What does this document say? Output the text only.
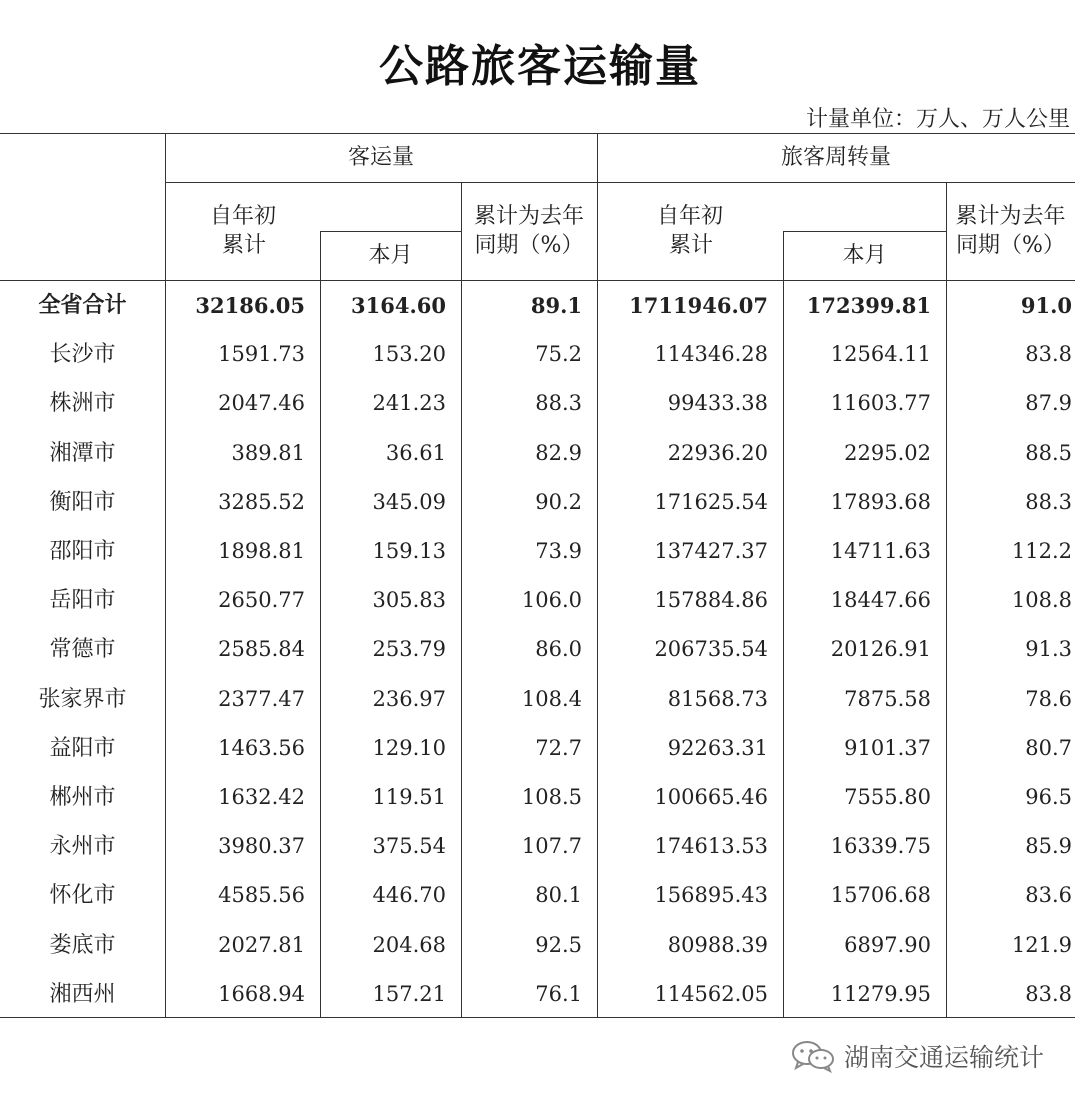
公路旅客运输量
计量单位：万人、万人公里
客运量	旅客周转量
自年初
累计	本月
累计为去年
同期（%）
自年初
累计	本月
累计为去年
同期（%）
全省合计	32186.05	3164.60	89.1	1711946.07	172399.81	91.0
长沙市	1591.73	153.20	75.2	114346.28	12564.11	83.8
株洲市	2047.46	241.23	88.3	99433.38	11603.77	87.9
湘潭市	389.81	36.61	82.9	22936.20	2295.02	88.5
衡阳市	3285.52	345.09	90.2	171625.54	17893.68	88.3
邵阳市	1898.81	159.13	73.9	137427.37	14711.63	112.2
岳阳市	2650.77	305.83	106.0	157884.86	18447.66	108.8
常德市	2585.84	253.79	86.0	206735.54	20126.91	91.3
张家界市	2377.47	236.97	108.4	81568.73	7875.58	78.6
益阳市	1463.56	129.10	72.7	92263.31	9101.37	80.7
郴州市	1632.42	119.51	108.5	100665.46	7555.80	96.5
永州市	3980.37	375.54	107.7	174613.53	16339.75	85.9
怀化市	4585.56	446.70	80.1	156895.43	15706.68	83.6
娄底市	2027.81	204.68	92.5	80988.39	6897.90	121.9
湘西州	1668.94	157.21	76.1	114562.05	11279.95	83.8
湖南交通运输统计
